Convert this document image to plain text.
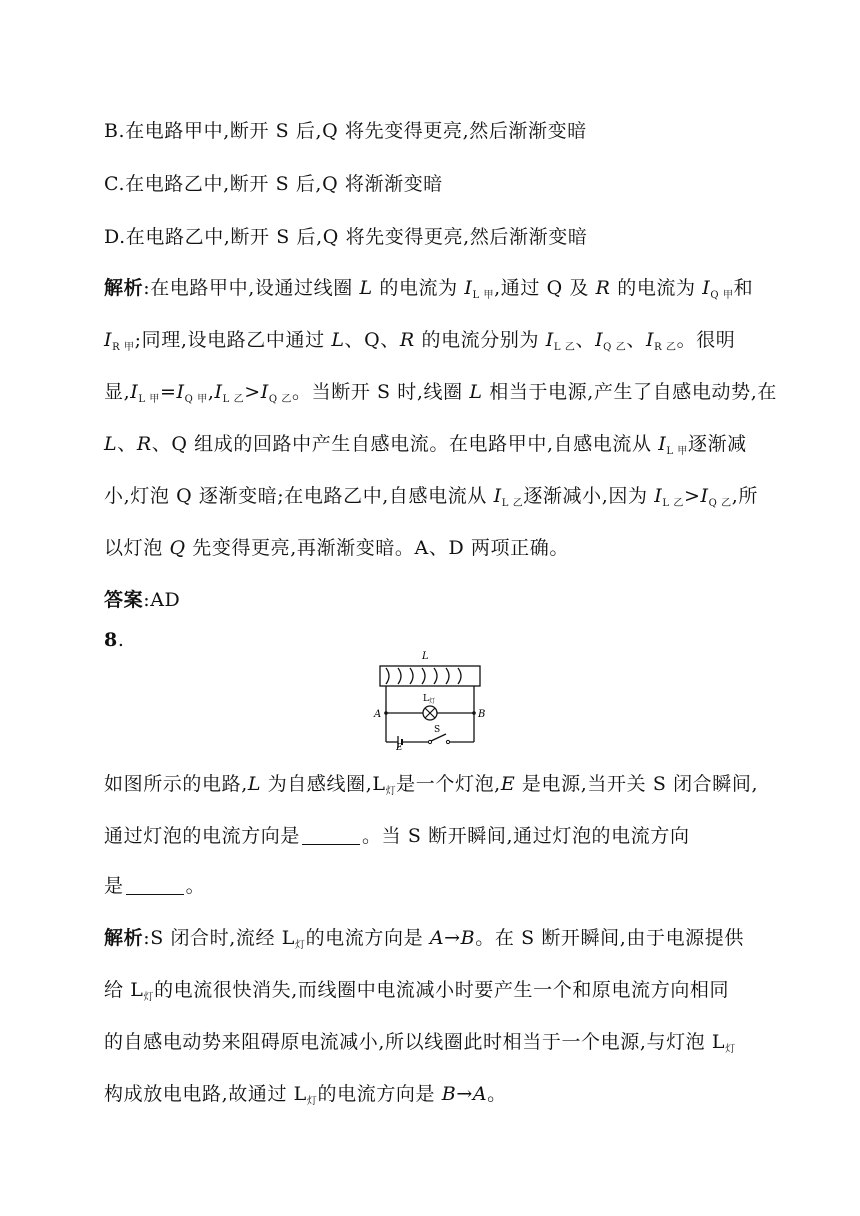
B.在电路甲中,断开 S 后,Q 将先变得更亮,然后渐渐变暗
C.在电路乙中,断开 S 后,Q 将渐渐变暗
D.在电路乙中,断开 S 后,Q 将先变得更亮,然后渐渐变暗
解析:在电路甲中,设通过线圈 L 的电流为 $I_{L 甲}$,通过 Q 及 R 的电流为 $I_{Q 甲}$和
$I_{R 甲}$;同理,设电路乙中通过 L、Q、R 的电流分别为 $I_{L 乙}$、$I_{Q 乙}$、$I_{R 乙}$。很明
显$,I_{L 甲}=I_{Q 甲},I_{L 乙}>I_{Q 乙}$。当断开 S 时,线圈 L 相当于电源,产生了自感电动势,在
L、R、Q 组成的回路中产生自感电流。在电路甲中,自感电流从 $I_{L 甲}$逐渐减
小,灯泡 Q 逐渐变暗;在电路乙中,自感电流从 $I_{L 乙}$逐渐减小,因为 $I_{L 乙}>I_{Q 乙}$,所
以灯泡 Q 先变得更亮,再渐渐变暗。A、D 两项正确。
答案:AD
8.
L
$L_灯$
A	B
S
E
如图所示的电路,L 为自感线圈$,L_灯$是一个灯泡,E 是电源,当开关 S 闭合瞬间,
通过灯泡的电流方向是	。当 S 断开瞬间,通过灯泡的电流方向
是	。
解析:S 闭合时,流经 $L_灯$的电流方向是 A→B。在 S 断开瞬间,由于电源提供
给 $L_灯$的电流很快消失,而线圈中电流减小时要产生一个和原电流方向相同
的自感电动势来阻碍原电流减小,所以线圈此时相当于一个电源,与灯泡 $L_灯$
构成放电电路,故通过 $L_灯$的电流方向是 B→A。
